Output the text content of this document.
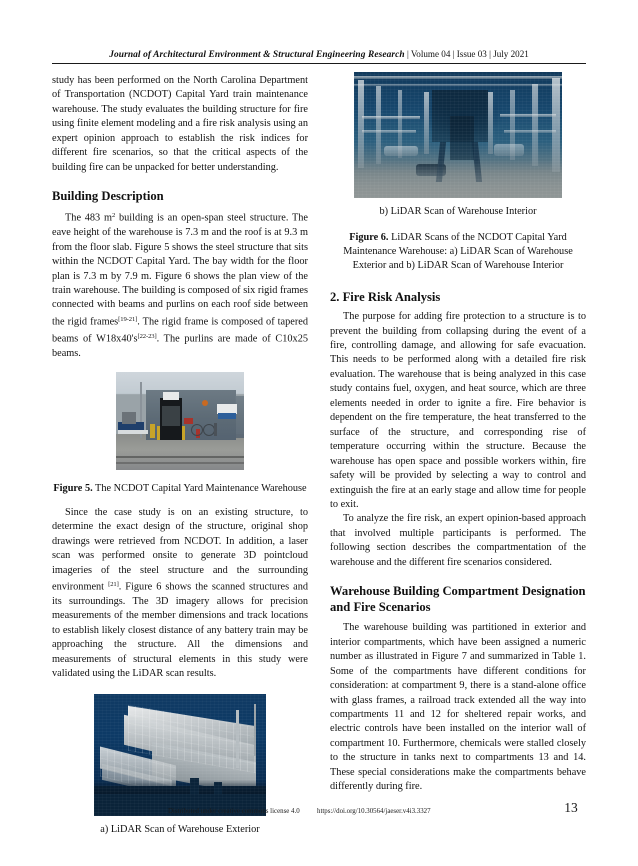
Journal of Architectural Environment & Structural Engineering Research | Volume 04 | Issue 03 | July 2021

study has been performed on the North Carolina Department of Transportation (NCDOT) Capital Yard train maintenance warehouse. The study evaluates the building structure for fire using finite element modeling and a fire risk analysis using an expert opinion approach to establish the risk indices for different fire scenarios, so that the critical aspects of the building fire can be unpacked for better understanding.

Building Description

The 483 m$^2$ building is an open-span steel structure. The eave height of the warehouse is 7.3 m and the roof is at 9.3 m from the floor slab. Figure 5 shows the steel structure that sits within the NCDOT Capital Yard. The bay width for the floor plan is 7.3 m by 7.9 m. Figure 6 shows the plan view of the train warehouse. The building is composed of six rigid frames connected with beams and purlins on each roof side between the rigid frames[19-21]. The rigid frame is composed of tapered beams of W18x40's[22-23]. The purlins are made of C10x25 beams.

Figure 5. The NCDOT Capital Yard Maintenance Warehouse

Since the case study is on an existing structure, to determine the exact design of the structure, original shop drawings were retrieved from NCDOT. In addition, a laser scan was performed onsite to generate 3D pointcloud imageries of the steel structure and the surrounding environment [21]. Figure 6 shows the scanned structures and its surroundings. The 3D imagery allows for precision measurements of the member dimensions and track locations to establish likely closest distance of any battery train may be approaching the structure. All the dimensions and measurements of structural elements in this study were validated using the LiDAR scan results.

a) LiDAR Scan of Warehouse Exterior

b) LiDAR Scan of Warehouse Interior

Figure 6. LiDAR Scans of the NCDOT Capital Yard Maintenance Warehouse: a) LiDAR Scan of Warehouse Exterior and b) LiDAR Scan of Warehouse Interior

2. Fire Risk Analysis

The purpose for adding fire protection to a structure is to prevent the building from collapsing during the event of a fire, controlling damage, and allowing for safe evacuation. This needs to be performed along with a detailed fire risk evaluation. The warehouse that is being analyzed in this case study contains fuel, oxygen, and heat source, which are three elements needed in order to ignite a fire. Fire behavior is dependent on the fire temperature, the heat transferred to the surface of the structure, and corresponding rise of temperature occurring within the structure. Because the warehouse has open space and possible workers within, fire safety will be provided by selecting a way to control and extinguish the fire at an early stage and allow time for people to exit.

To analyze the fire risk, an expert opinion-based approach that involved multiple participants is performed. The following section describes the compartmentation of the warehouse and the different fire scenarios considered.

Warehouse Building Compartment Designation and Fire Scenarios

The warehouse building was partitioned in exterior and interior compartments, which have been assigned a numeric number as illustrated in Figure 7 and summarized in Table 1. Some of the compartments have different conditions for consideration: at compartment 9, there is a stand-alone office with glass frames, a railroad track extended all the way into compartments 11 and 12 for sheltered repair works, and electric controls have been installed on the interior wall of compartment 10. Furthermore, chemicals were stalled closely to the structure in tanks next to compartments 13 and 14. These special considerations make the compartments behave differently during fire.

Distributed under creative commons license 4.0	https://doi.org/10.30564/jaeser.v4i3.3327	13
